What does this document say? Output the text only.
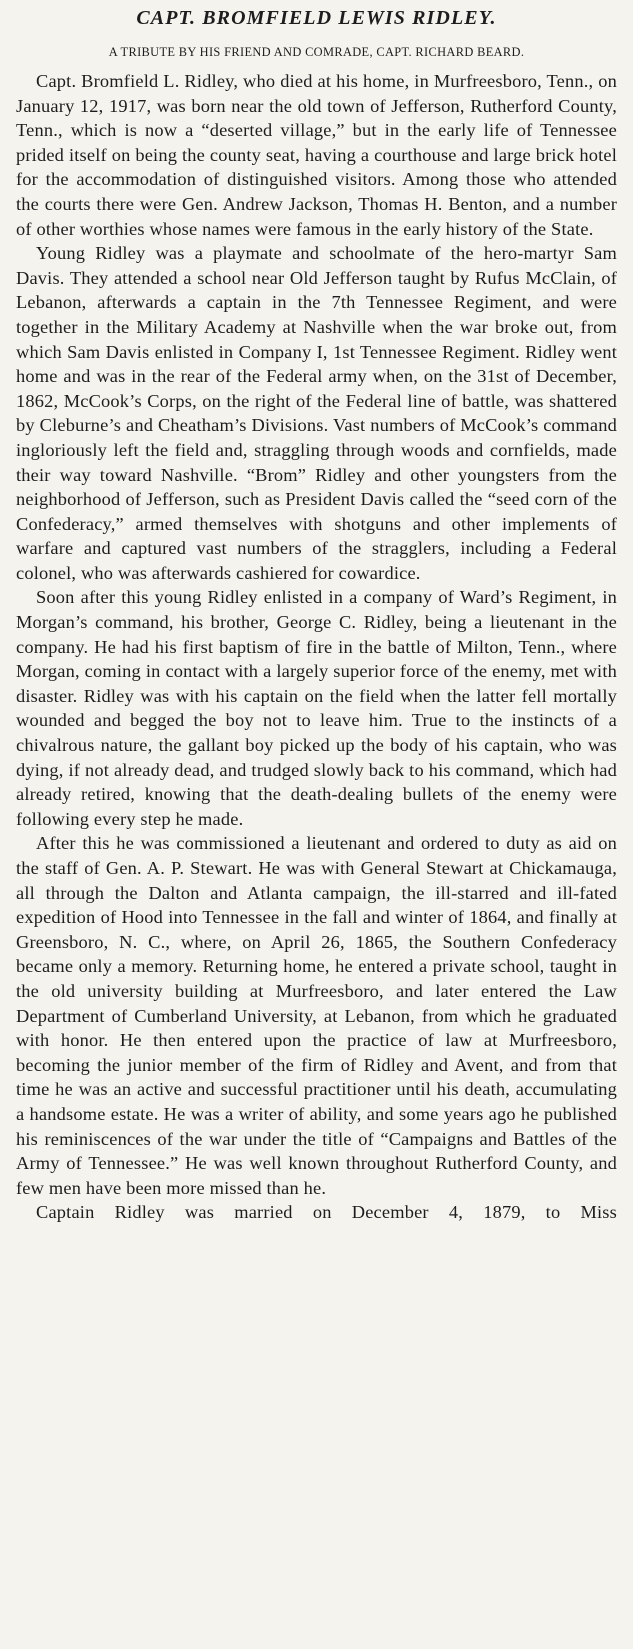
CAPT. BROMFIELD LEWIS RIDLEY.
A TRIBUTE BY HIS FRIEND AND COMRADE, CAPT. RICHARD BEARD.

Capt. Bromfield L. Ridley, who died at his home, in Murfreesboro, Tenn., on January 12, 1917, was born near the old town of Jefferson, Rutherford County, Tenn., which is now a “deserted village,” but in the early life of Tennessee prided itself on being the county seat, having a courthouse and large brick hotel for the accommodation of distinguished visitors. Among those who attended the courts there were Gen. Andrew Jackson, Thomas H. Benton, and a number of other worthies whose names were famous in the early history of the State.

Young Ridley was a playmate and schoolmate of the hero-martyr Sam Davis. They attended a school near Old Jefferson taught by Rufus McClain, of Lebanon, afterwards a captain in the 7th Tennessee Regiment, and were together in the Military Academy at Nashville when the war broke out, from which Sam Davis enlisted in Company I, 1st Tennessee Regiment. Ridley went home and was in the rear of the Federal army when, on the 31st of December, 1862, McCook’s Corps, on the right of the Federal line of battle, was shattered by Cleburne’s and Cheatham’s Divisions. Vast numbers of McCook’s command ingloriously left the field and, straggling through woods and cornfields, made their way toward Nashville. “Brom” Ridley and other youngsters from the neighborhood of Jefferson, such as President Davis called the “seed corn of the Confederacy,” armed themselves with shotguns and other implements of warfare and captured vast numbers of the stragglers, including a Federal colonel, who was afterwards cashiered for cowardice.

Soon after this young Ridley enlisted in a company of Ward’s Regiment, in Morgan’s command, his brother, George C. Ridley, being a lieutenant in the company. He had his first baptism of fire in the battle of Milton, Tenn., where Morgan, coming in contact with a largely superior force of the enemy, met with disaster. Ridley was with his captain on the field when the latter fell mortally wounded and begged the boy not to leave him. True to the instincts of a chivalrous nature, the gallant boy picked up the body of his captain, who was dying, if not already dead, and trudged slowly back to his command, which had already retired, knowing that the death-dealing bullets of the enemy were following every step he made.

After this he was commissioned a lieutenant and ordered to duty as aid on the staff of Gen. A. P. Stewart. He was with General Stewart at Chickamauga, all through the Dalton and Atlanta campaign, the ill-starred and ill-fated expedition of Hood into Tennessee in the fall and winter of 1864, and finally at Greensboro, N. C., where, on April 26, 1865, the Southern Confederacy became only a memory. Returning home, he entered a private school, taught in the old university building at Murfreesboro, and later entered the Law Department of Cumberland University, at Lebanon, from which he graduated with honor. He then entered upon the practice of law at Murfreesboro, becoming the junior member of the firm of Ridley and Avent, and from that time he was an active and successful practitioner until his death, accumulating a handsome estate. He was a writer of ability, and some years ago he published his reminiscences of the war under the title of “Campaigns and Battles of the Army of Tennessee.” He was well known throughout Rutherford County, and few men have been more missed than he.

Captain Ridley was married on December 4, 1879, to Miss
